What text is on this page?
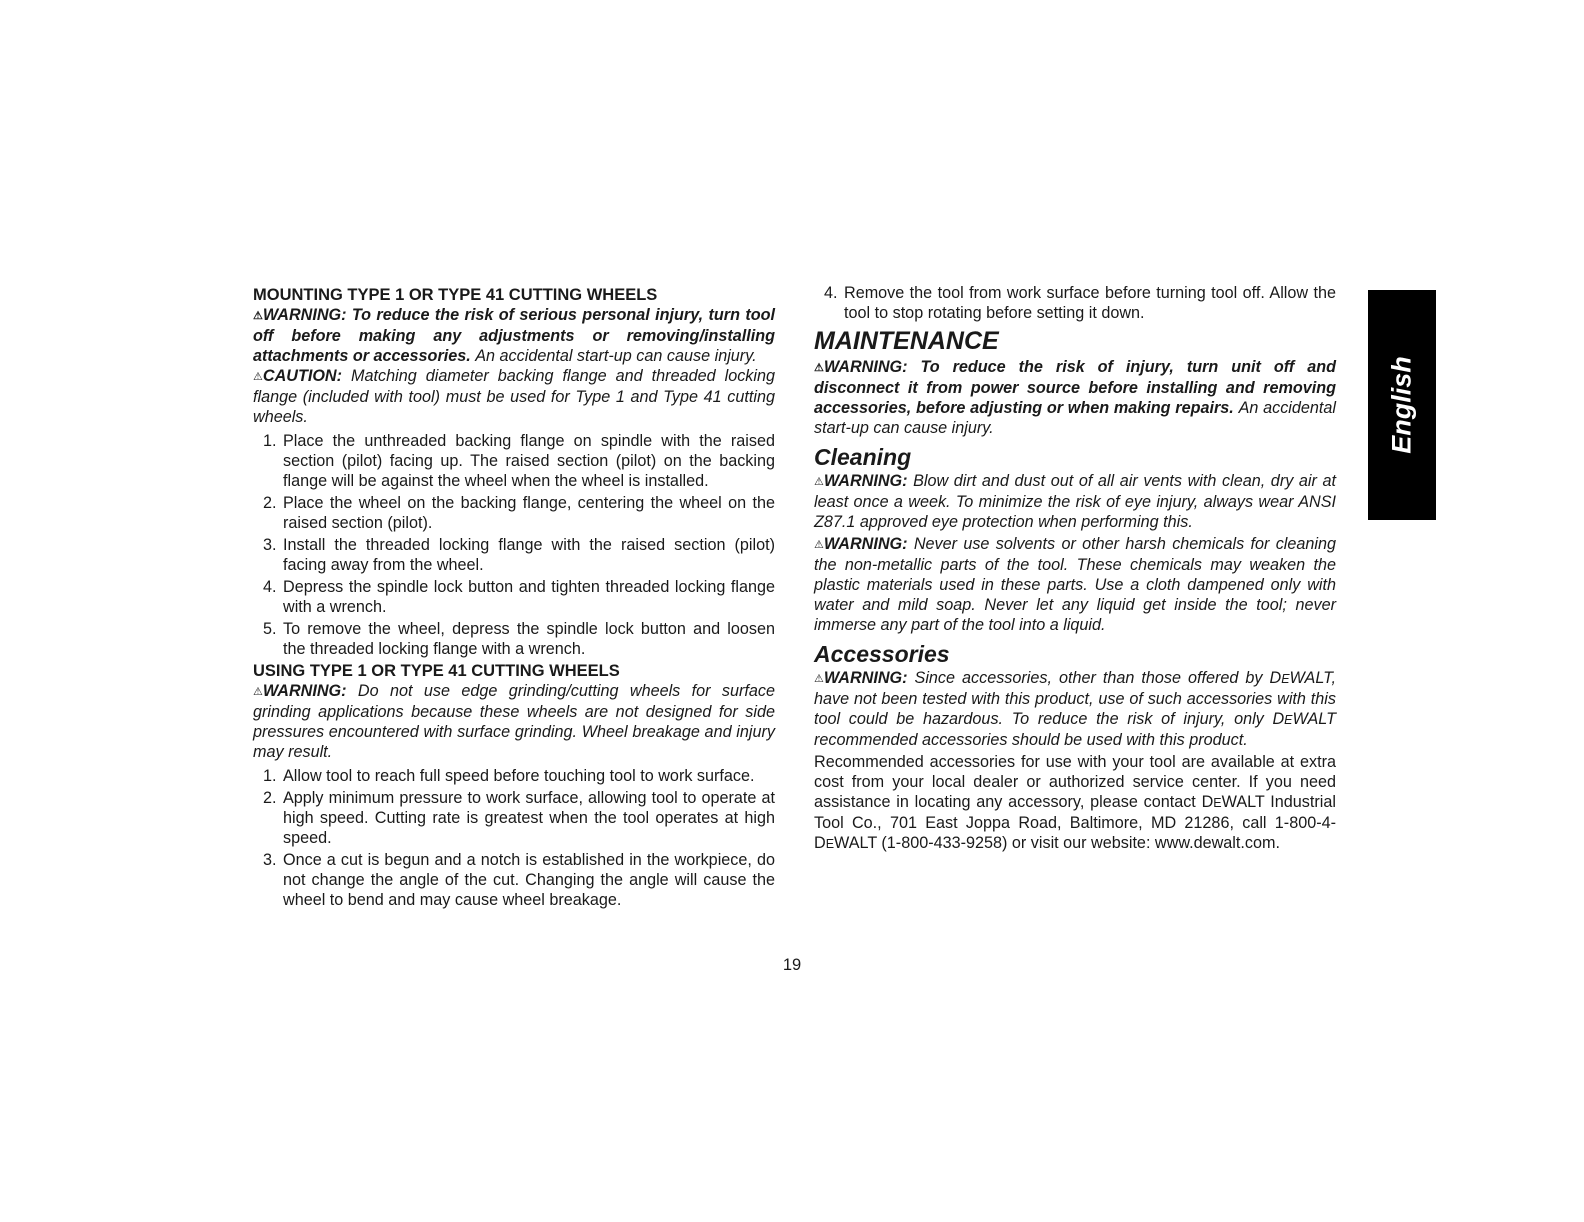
MOUNTING TYPE 1 OR TYPE 41 CUTTING WHEELS

⚠WARNING: To reduce the risk of serious personal injury, turn tool off before making any adjustments or removing/installing attachments or accessories. An accidental start-up can cause injury.

⚠CAUTION: Matching diameter backing flange and threaded locking flange (included with tool) must be used for Type 1 and Type 41 cutting wheels.

1. Place the unthreaded backing flange on spindle with the raised section (pilot) facing up. The raised section (pilot) on the backing flange will be against the wheel when the wheel is installed.
2. Place the wheel on the backing flange, centering the wheel on the raised section (pilot).
3. Install the threaded locking flange with the raised section (pilot) facing away from the wheel.
4. Depress the spindle lock button and tighten threaded locking flange with a wrench.
5. To remove the wheel, depress the spindle lock button and loosen the threaded locking flange with a wrench.

USING TYPE 1 OR TYPE 41 CUTTING WHEELS

⚠WARNING: Do not use edge grinding/cutting wheels for surface grinding applications because these wheels are not designed for side pressures encountered with surface grinding. Wheel breakage and injury may result.

1. Allow tool to reach full speed before touching tool to work surface.
2. Apply minimum pressure to work surface, allowing tool to operate at high speed. Cutting rate is greatest when the tool operates at high speed.
3. Once a cut is begun and a notch is established in the workpiece, do not change the angle of the cut. Changing the angle will cause the wheel to bend and may cause wheel breakage.
4. Remove the tool from work surface before turning tool off. Allow the tool to stop rotating before setting it down.

MAINTENANCE

⚠WARNING: To reduce the risk of injury, turn unit off and disconnect it from power source before installing and removing accessories, before adjusting or when making repairs. An accidental start-up can cause injury.

Cleaning

⚠WARNING: Blow dirt and dust out of all air vents with clean, dry air at least once a week. To minimize the risk of eye injury, always wear ANSI Z87.1 approved eye protection when performing this.

⚠WARNING: Never use solvents or other harsh chemicals for cleaning the non-metallic parts of the tool. These chemicals may weaken the plastic materials used in these parts. Use a cloth dampened only with water and mild soap. Never let any liquid get inside the tool; never immerse any part of the tool into a liquid.

Accessories

⚠WARNING: Since accessories, other than those offered by DEWALT, have not been tested with this product, use of such accessories with this tool could be hazardous. To reduce the risk of injury, only DEWALT recommended accessories should be used with this product.

Recommended accessories for use with your tool are available at extra cost from your local dealer or authorized service center. If you need assistance in locating any accessory, please contact DEWALT Industrial Tool Co., 701 East Joppa Road, Baltimore, MD 21286, call 1-800-4-DEWALT (1-800-433-9258) or visit our website: www.dewalt.com.

English
19
